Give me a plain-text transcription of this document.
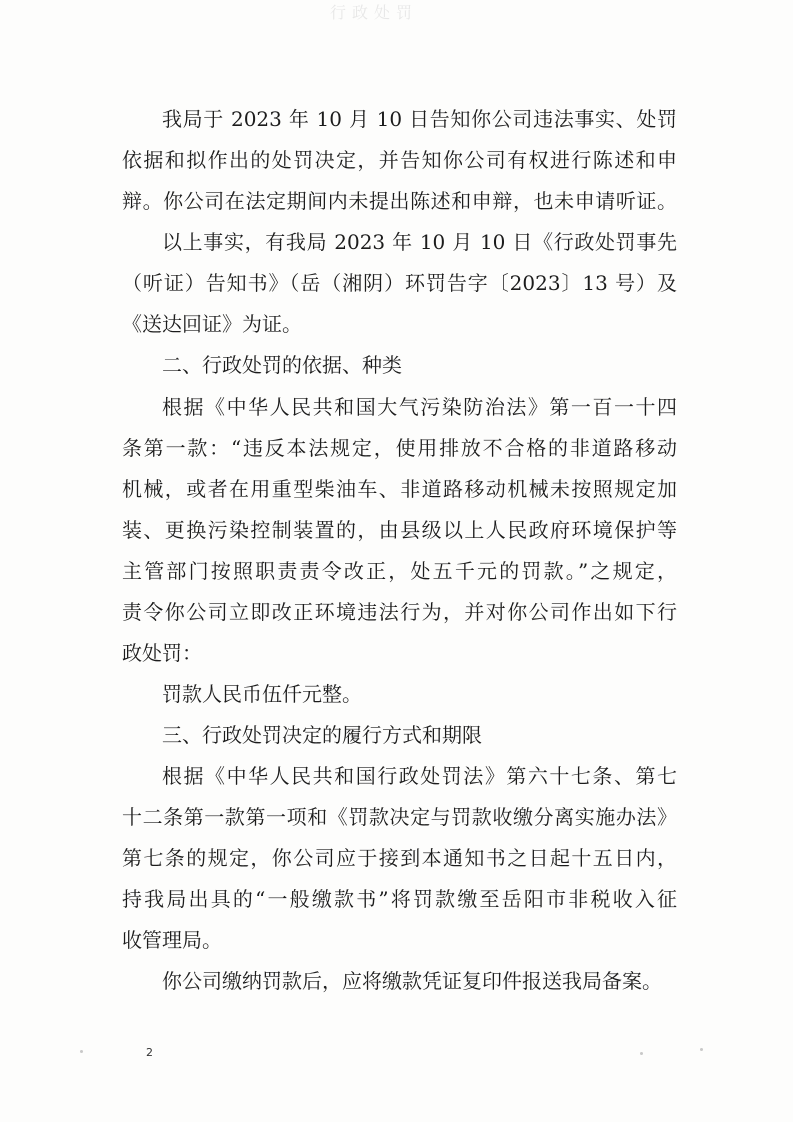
行政处罚
我局于 2023 年 10 月 10 日告知你公司违法事实、处罚
依据和拟作出的处罚决定，并告知你公司有权进行陈述和申
辩。你公司在法定期间内未提出陈述和申辩，也未申请听证。
以上事实，有我局 2023 年 10 月 10 日《行政处罚事先
（听证）告知书》（岳（湘阴）环罚告字〔2023〕13 号）及
《送达回证》为证。
二、行政处罚的依据、种类
根据《中华人民共和国大气污染防治法》第一百一十四
条第一款：“违反本法规定，使用排放不合格的非道路移动
机械，或者在用重型柴油车、非道路移动机械未按照规定加
装、更换污染控制装置的，由县级以上人民政府环境保护等
主管部门按照职责责令改正，处五千元的罚款。”之规定，
责令你公司立即改正环境违法行为，并对你公司作出如下行
政处罚：
罚款人民币伍仟元整。
三、行政处罚决定的履行方式和期限
根据《中华人民共和国行政处罚法》第六十七条、第七
十二条第一款第一项和《罚款决定与罚款收缴分离实施办法》
第七条的规定，你公司应于接到本通知书之日起十五日内，
持我局出具的“一般缴款书”将罚款缴至岳阳市非税收入征
收管理局。
你公司缴纳罚款后，应将缴款凭证复印件报送我局备案。
2
